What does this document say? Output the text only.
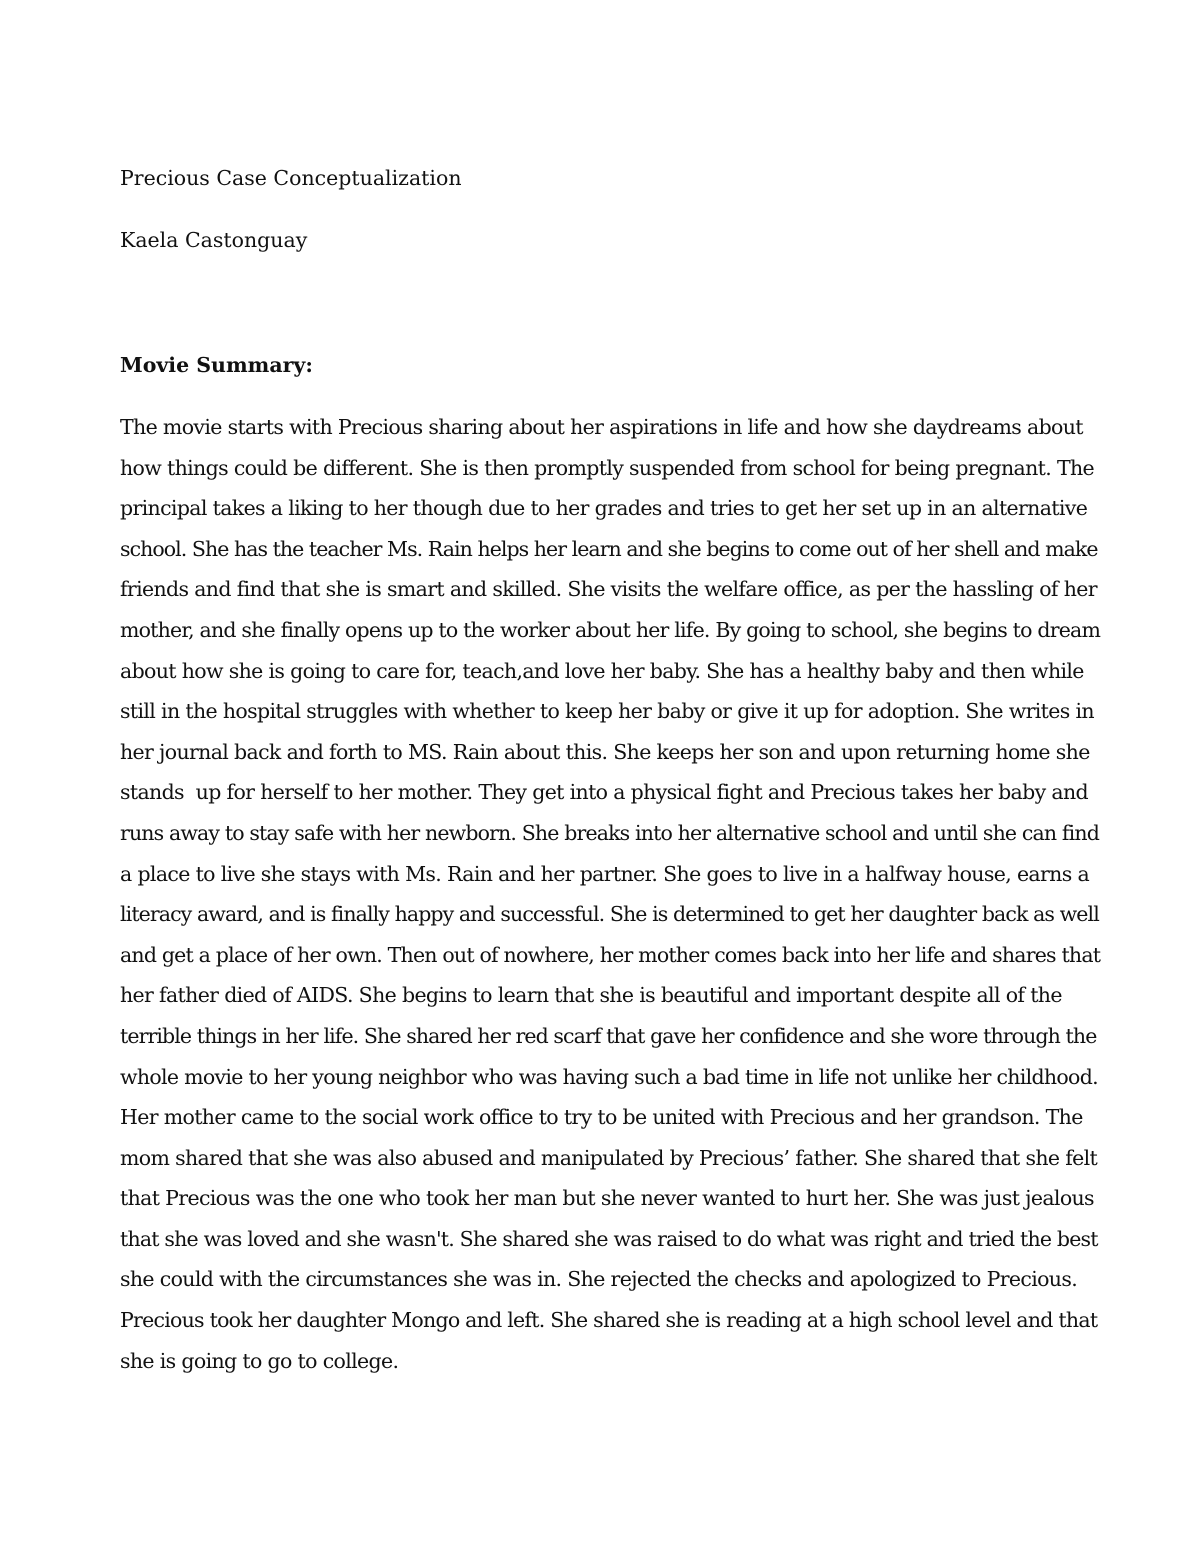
Precious Case Conceptualization
Kaela Castonguay
Movie Summary:
The movie starts with Precious sharing about her aspirations in life and how she daydreams about
how things could be different. She is then promptly suspended from school for being pregnant. The
principal takes a liking to her though due to her grades and tries to get her set up in an alternative
school. She has the teacher Ms. Rain helps her learn and she begins to come out of her shell and make
friends and find that she is smart and skilled. She visits the welfare office, as per the hassling of her
mother, and she finally opens up to the worker about her life. By going to school, she begins to dream
about how she is going to care for, teach,and love her baby. She has a healthy baby and then while
still in the hospital struggles with whether to keep her baby or give it up for adoption. She writes in
her journal back and forth to MS. Rain about this. She keeps her son and upon returning home she
stands  up for herself to her mother. They get into a physical fight and Precious takes her baby and
runs away to stay safe with her newborn. She breaks into her alternative school and until she can find
a place to live she stays with Ms. Rain and her partner. She goes to live in a halfway house, earns a
literacy award, and is finally happy and successful. She is determined to get her daughter back as well
and get a place of her own. Then out of nowhere, her mother comes back into her life and shares that
her father died of AIDS. She begins to learn that she is beautiful and important despite all of the
terrible things in her life. She shared her red scarf that gave her confidence and she wore through the
whole movie to her young neighbor who was having such a bad time in life not unlike her childhood.
Her mother came to the social work office to try to be united with Precious and her grandson. The
mom shared that she was also abused and manipulated by Precious’ father. She shared that she felt
that Precious was the one who took her man but she never wanted to hurt her. She was just jealous
that she was loved and she wasn't. She shared she was raised to do what was right and tried the best
she could with the circumstances she was in. She rejected the checks and apologized to Precious.
Precious took her daughter Mongo and left. She shared she is reading at a high school level and that
she is going to go to college.
